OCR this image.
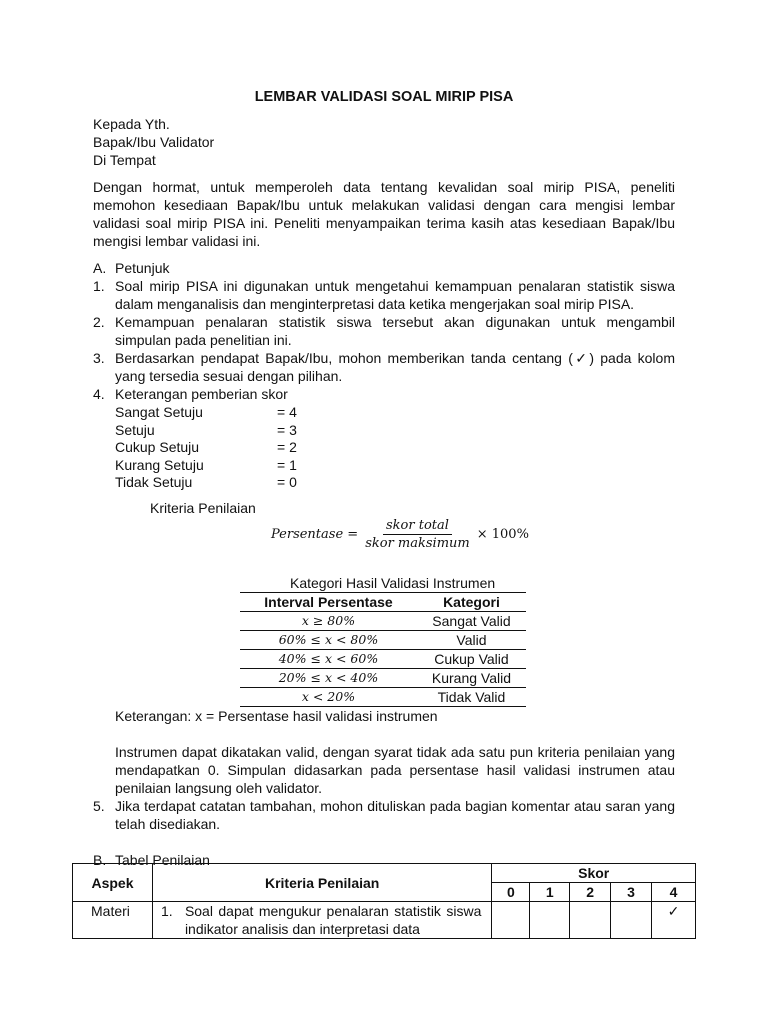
LEMBAR VALIDASI SOAL MIRIP PISA
Kepada Yth.
Bapak/Ibu Validator
Di Tempat
Dengan hormat, untuk memperoleh data tentang kevalidan soal mirip PISA, peneliti memohon kesediaan Bapak/Ibu untuk melakukan validasi dengan cara mengisi lembar validasi soal mirip PISA ini. Peneliti menyampaikan terima kasih atas kesediaan Bapak/Ibu mengisi lembar validasi ini.
A. Petunjuk
1. Soal mirip PISA ini digunakan untuk mengetahui kemampuan penalaran statistik siswa dalam menganalisis dan menginterpretasi data ketika mengerjakan soal mirip PISA.
2. Kemampuan penalaran statistik siswa tersebut akan digunakan untuk mengambil simpulan pada penelitian ini.
3. Berdasarkan pendapat Bapak/Ibu, mohon memberikan tanda centang (✓) pada kolom yang tersedia sesuai dengan pilihan.
4. Keterangan pemberian skor
Sangat Setuju	= 4
Setuju	= 3
Cukup Setuju	= 2
Kurang Setuju	= 1
Tidak Setuju	= 0
Kriteria Penilaian
Persentase = $\frac{\text{skor total}}{\text{skor maksimum}} \times 100\%$
Kategori Hasil Validasi Instrumen
Interval Persentase	Kategori
x ≥ 80%	Sangat Valid
60% ≤ x < 80%	Valid
40% ≤ x < 60%	Cukup Valid
20% ≤ x < 40%	Kurang Valid
x < 20%	Tidak Valid
Keterangan: x = Persentase hasil validasi instrumen
Instrumen dapat dikatakan valid, dengan syarat tidak ada satu pun kriteria penilaian yang mendapatkan 0. Simpulan didasarkan pada persentase hasil validasi instrumen atau penilaian langsung oleh validator.
5. Jika terdapat catatan tambahan, mohon dituliskan pada bagian komentar atau saran yang telah disediakan.
B. Tabel Penilaian
Aspek	Kriteria Penilaian	Skor				
		0	1	2	3	4
Materi	1. Soal dapat mengukur penalaran statistik siswa indikator analisis dan interpretasi data					✓
